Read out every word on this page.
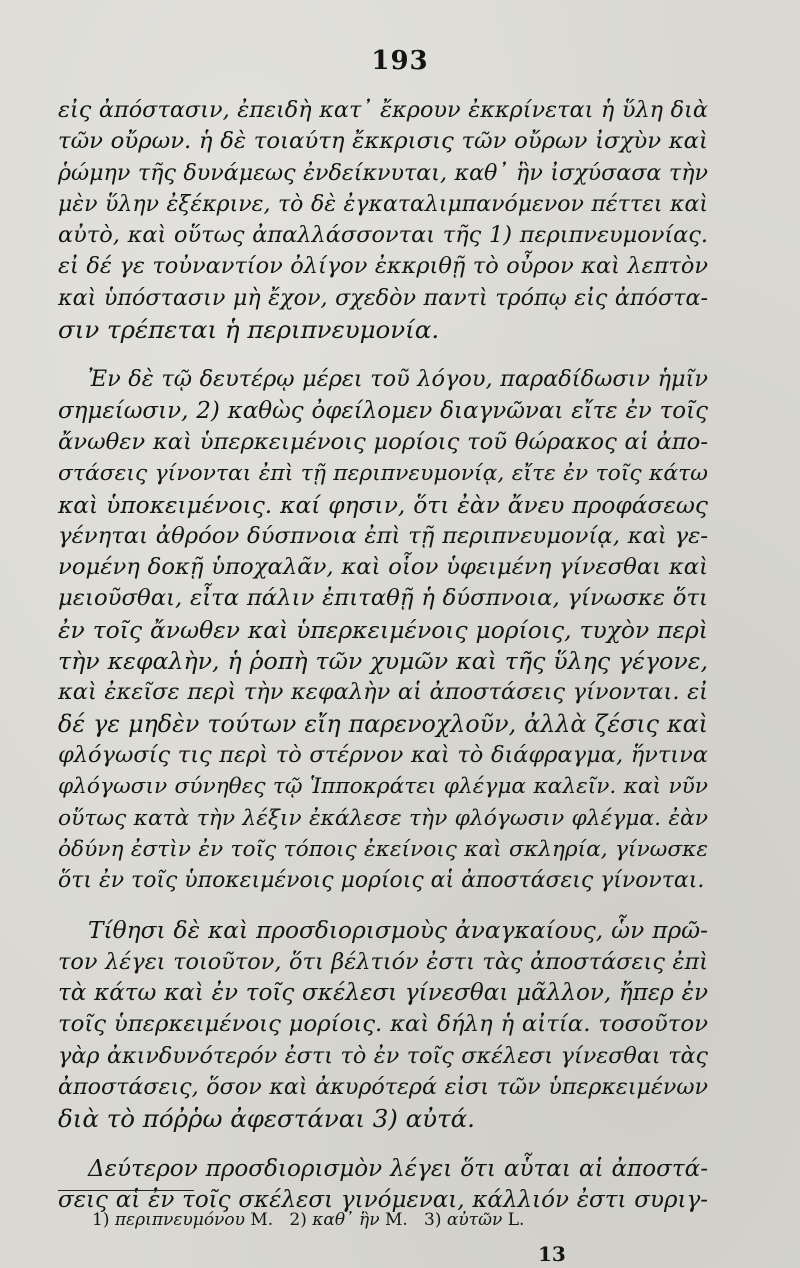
193
εἰς ἀπόστασιν, ἐπειδὴ κατ᾽ ἔκρουν ἐκκρίνεται ἡ ὕλη διὰ
τῶν οὔρων. ἡ δὲ τοιαύτη ἔκκρισις τῶν οὔρων ἰσχὺν καὶ
ῥώμην τῆς δυνάμεως ἐνδείκνυται, καθ᾽ ἣν ἰσχύσασα τὴν
μὲν ὕλην ἐξέκρινε, τὸ δὲ ἐγκαταλιμπανόμενον πέττει καὶ
αὐτὸ, καὶ οὕτως ἀπαλλάσσονται τῆς 1) περιπνευμονίας.
εἰ δέ γε τοὐναντίον ὀλίγον ἐκκριθῇ τὸ οὖρον καὶ λεπτὸν
καὶ ὑπόστασιν μὴ ἔχον, σχεδὸν παντὶ τρόπῳ εἰς ἀπόστα-
σιν τρέπεται ἡ περιπνευμονία.
Ἐν δὲ τῷ δευτέρῳ μέρει τοῦ λόγου, παραδίδωσιν ἡμῖν
σημείωσιν, 2) καθὼς ὀφείλομεν διαγνῶναι εἴτε ἐν τοῖς
ἄνωθεν καὶ ὑπερκειμένοις μορίοις τοῦ θώρακος αἱ ἀπο-
στάσεις γίνονται ἐπὶ τῇ περιπνευμονίᾳ, εἴτε ἐν τοῖς κάτω
καὶ ὑποκειμένοις. καί φησιν, ὅτι ἐὰν ἄνευ προφάσεως
γένηται ἀθρόον δύσπνοια ἐπὶ τῇ περιπνευμονίᾳ, καὶ γε-
νομένη δοκῇ ὑποχαλᾶν, καὶ οἷον ὑφειμένη γίνεσθαι καὶ
μειοῦσθαι, εἶτα πάλιν ἐπιταθῇ ἡ δύσπνοια, γίνωσκε ὅτι
ἐν τοῖς ἄνωθεν καὶ ὑπερκειμένοις μορίοις, τυχὸν περὶ
τὴν κεφαλὴν, ἡ ῥοπὴ τῶν χυμῶν καὶ τῆς ὕλης γέγονε,
καὶ ἐκεῖσε περὶ τὴν κεφαλὴν αἱ ἀποστάσεις γίνονται. εἰ
δέ γε μηδὲν τούτων εἴη παρενοχλοῦν, ἀλλὰ ζέσις καὶ
φλόγωσίς τις περὶ τὸ στέρνον καὶ τὸ διάφραγμα, ἥντινα
φλόγωσιν σύνηθες τῷ Ἱπποκράτει φλέγμα καλεῖν. καὶ νῦν
οὕτως κατὰ τὴν λέξιν ἐκάλεσε τὴν φλόγωσιν φλέγμα. ἐὰν
ὀδύνη ἐστὶν ἐν τοῖς τόποις ἐκείνοις καὶ σκληρία, γίνωσκε
ὅτι ἐν τοῖς ὑποκειμένοις μορίοις αἱ ἀποστάσεις γίνονται.
Τίθησι δὲ καὶ προσδιορισμοὺς ἀναγκαίους, ὧν πρῶ-
τον λέγει τοιοῦτον, ὅτι βέλτιόν ἐστι τὰς ἀποστάσεις ἐπὶ
τὰ κάτω καὶ ἐν τοῖς σκέλεσι γίνεσθαι μᾶλλον, ἤπερ ἐν
τοῖς ὑπερκειμένοις μορίοις. καὶ δήλη ἡ αἰτία. τοσοῦτον
γὰρ ἀκινδυνότερόν ἐστι τὸ ἐν τοῖς σκέλεσι γίνεσθαι τὰς
ἀποστάσεις, ὅσον καὶ ἀκυρότερά εἰσι τῶν ὑπερκειμένων
διὰ τὸ πόῤῥω ἀφεστάναι 3) αὐτά.
Δεύτερον προσδιορισμὸν λέγει ὅτι αὗται αἱ ἀποστά-
σεις αἱ ἐν τοῖς σκέλεσι γινόμεναι, κάλλιόν ἐστι συριγ-
1) περιπνευμόνου M. 2) καθ᾽ ἣν M. 3) αὐτῶν L.
13
